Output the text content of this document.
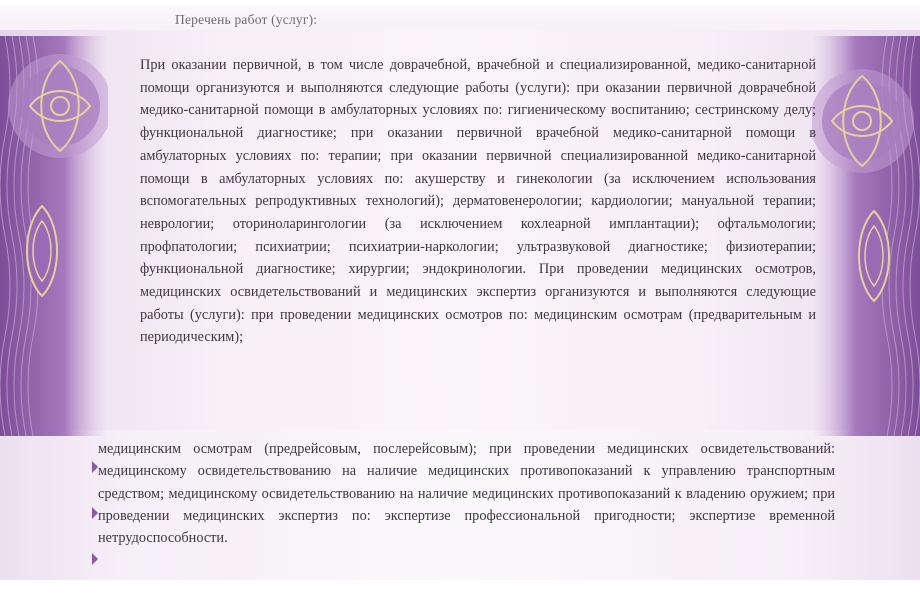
Перечень работ (услуг):
При оказании первичной, в том числе доврачебной, врачебной и специализированной, медико-санитарной помощи организуются и выполняются следующие работы (услуги): при оказании первичной доврачебной медико-санитарной помощи в амбулаторных условиях по: гигиеническому воспитанию; сестринскому делу; функциональной диагностике; при оказании первичной врачебной медико-санитарной помощи в амбулаторных условиях по: терапии; при оказании первичной специализированной медико-санитарной помощи в амбулаторных условиях по: акушерству и гинекологии (за исключением использования вспомогательных репродуктивных технологий); дерматовенерологии; кардиологии; мануальной терапии; неврологии; оториноларингологии (за исключением кохлеарной имплантации); офтальмологии; профпатологии; психиатрии; психиатрии-наркологии; ультразвуковой диагностике; физиотерапии; функциональной диагностике; хирургии; эндокринологии. При проведении медицинских осмотров, медицинских освидетельствований и медицинских экспертиз организуются и выполняются следующие работы (услуги): при проведении медицинских осмотров по: медицинским осмотрам (предварительным и периодическим);
медицинским осмотрам (предрейсовым, послерейсовым); при проведении медицинских освидетельствований: медицинскому освидетельствованию на наличие медицинских противопоказаний к управлению транспортным средством; медицинскому освидетельствованию на наличие медицинских противопоказаний к владению оружием; при проведении медицинских экспертиз по: экспертизе профессиональной пригодности; экспертизе временной нетрудоспособности.
